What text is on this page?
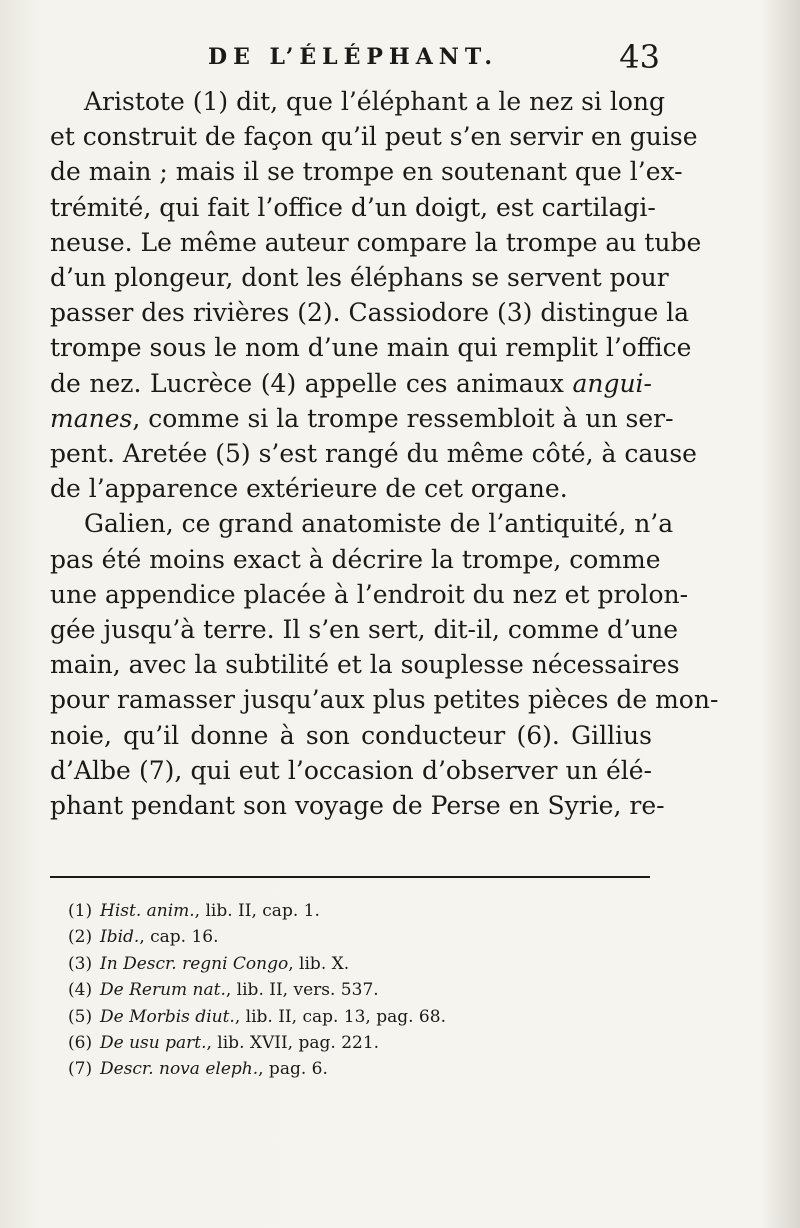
DE L’ÉLÉPHANT.	43

Aristote (1) dit, que l’éléphant a le nez si long
et construit de façon qu’il peut s’en servir en guise
de main ; mais il se trompe en soutenant que l’ex-
trémité, qui fait l’office d’un doigt, est cartilagi-
neuse. Le même auteur compare la trompe au tube
d’un plongeur, dont les éléphans se servent pour
passer des rivières (2). Cassiodore (3) distingue la
trompe sous le nom d’une main qui remplit l’office
de nez. Lucrèce (4) appelle ces animaux angui-
manes, comme si la trompe ressembloit à un ser-
pent. Aretée (5) s’est rangé du même côté, à cause
de l’apparence extérieure de cet organe.

Galien, ce grand anatomiste de l’antiquité, n’a
pas été moins exact à décrire la trompe, comme
une appendice placée à l’endroit du nez et prolon-
gée jusqu’à terre. Il s’en sert, dit-il, comme d’une
main, avec la subtilité et la souplesse nécessaires
pour ramasser jusqu’aux plus petites pièces de mon-
noie, qu’il donne à son conducteur (6). Gillius
d’Albe (7), qui eut l’occasion d’observer un élé-
phant pendant son voyage de Perse en Syrie, re-

(1) Hist. anim., lib. II, cap. 1.
(2) Ibid., cap. 16.
(3) In Descr. regni Congo, lib. X.
(4) De Rerum nat., lib. II, vers. 537.
(5) De Morbis diut., lib. II, cap. 13, pag. 68.
(6) De usu part., lib. XVII, pag. 221.
(7) Descr. nova eleph., pag. 6.
